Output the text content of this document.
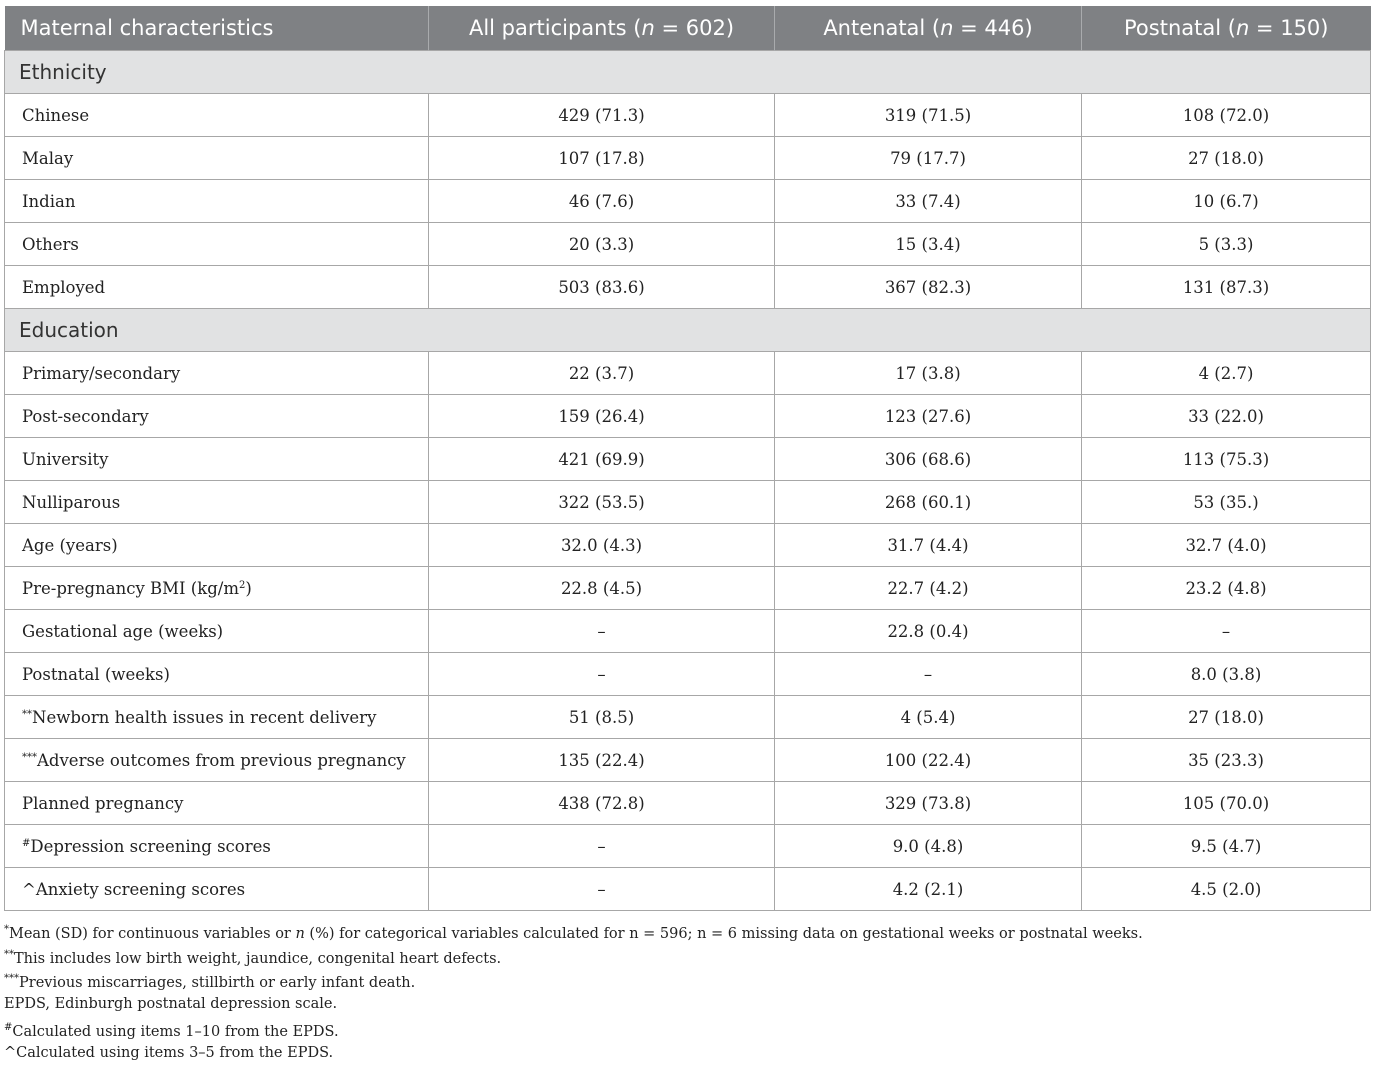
Maternal characteristics	All participants (n = 602)	Antenatal (n = 446)	Postnatal (n = 150)
Ethnicity			
Chinese	429 (71.3)	319 (71.5)	108 (72.0)
Malay	107 (17.8)	79 (17.7)	27 (18.0)
Indian	46 (7.6)	33 (7.4)	10 (6.7)
Others	20 (3.3)	15 (3.4)	5 (3.3)
Employed	503 (83.6)	367 (82.3)	131 (87.3)
Education			
Primary/secondary	22 (3.7)	17 (3.8)	4 (2.7)
Post-secondary	159 (26.4)	123 (27.6)	33 (22.0)
University	421 (69.9)	306 (68.6)	113 (75.3)
Nulliparous	322 (53.5)	268 (60.1)	53 (35.)
Age (years)	32.0 (4.3)	31.7 (4.4)	32.7 (4.0)
Pre-pregnancy BMI $(kg/m^2)$	22.8 (4.5)	22.7 (4.2)	23.2 (4.8)
Gestational age (weeks)	–	22.8 (0.4)	–
Postnatal (weeks)	–	–	8.0 (3.8)
**Newborn health issues in recent delivery	51 (8.5)	4 (5.4)	27 (18.0)
***Adverse outcomes from previous pregnancy	135 (22.4)	100 (22.4)	35 (23.3)
Planned pregnancy	438 (72.8)	329 (73.8)	105 (70.0)
#Depression screening scores	–	9.0 (4.8)	9.5 (4.7)
^Anxiety screening scores	–	4.2 (2.1)	4.5 (2.0)
*Mean (SD) for continuous variables or n (%) for categorical variables calculated for n = 596; n = 6 missing data on gestational weeks or postnatal weeks.
**This includes low birth weight, jaundice, congenital heart defects.
***Previous miscarriages, stillbirth or early infant death.
EPDS, Edinburgh postnatal depression scale.
#Calculated using items 1–10 from the EPDS.
^Calculated using items 3–5 from the EPDS.
